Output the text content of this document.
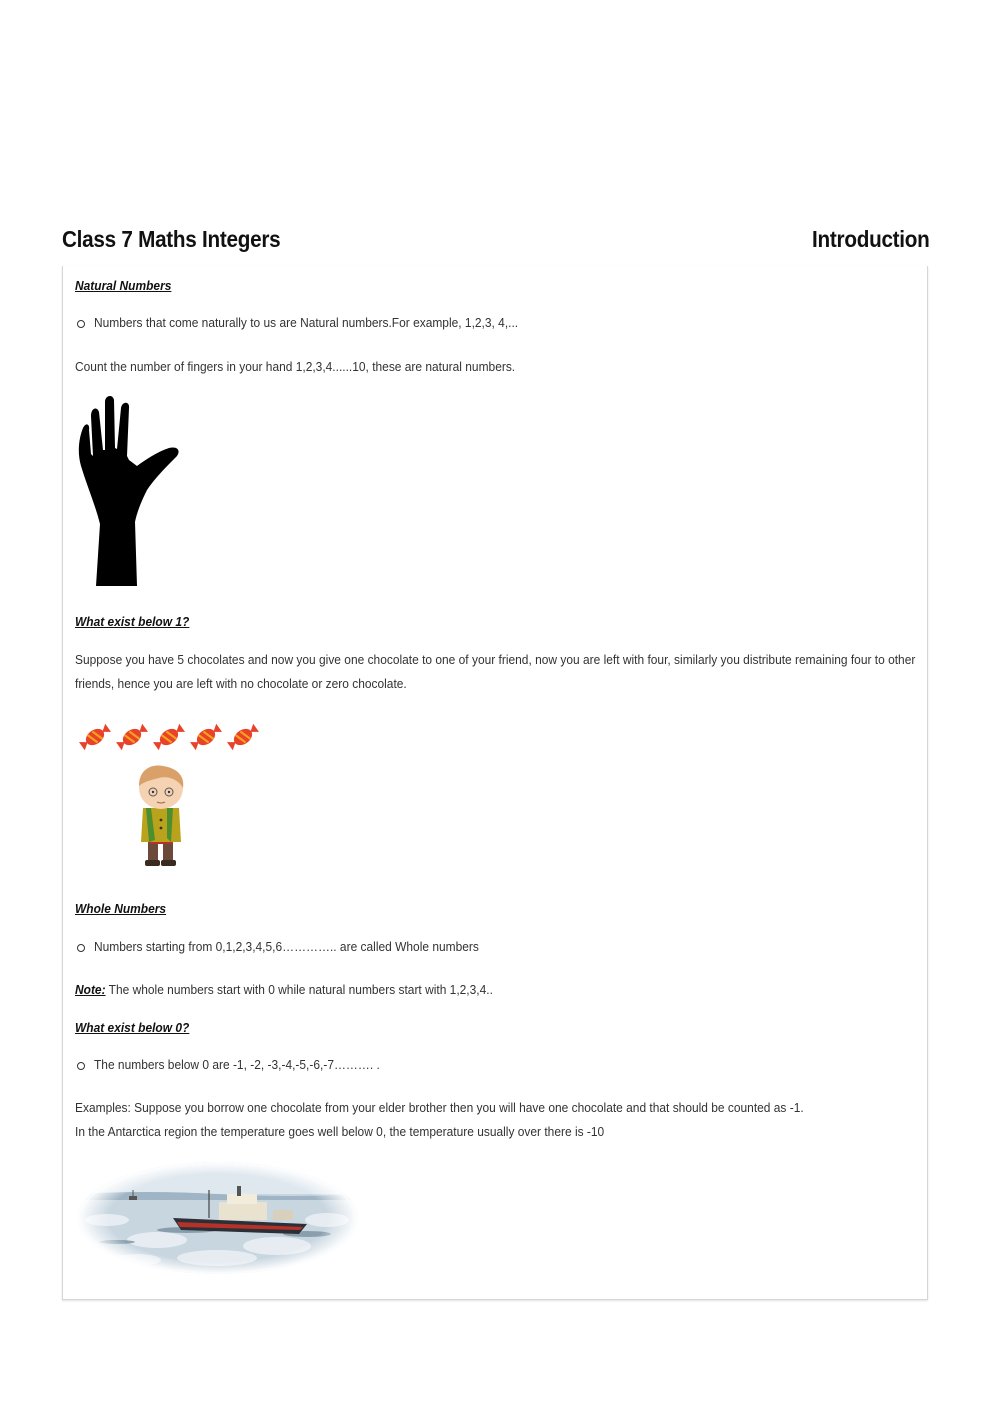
Class 7 Maths Integers	Introduction
Natural Numbers
Numbers that come naturally to us are Natural numbers.For example, 1,2,3, 4,...
Count the number of fingers in your hand 1,2,3,4......10, these are natural numbers.
What exist below 1?
Suppose you have 5 chocolates and now you give one chocolate to one of your friend, now you are left with four, similarly you distribute remaining four to other friends, hence you are left with no chocolate or zero chocolate.
Whole Numbers
Numbers starting from 0,1,2,3,4,5,6………….. are called Whole numbers
Note: The whole numbers start with 0 while natural numbers start with 1,2,3,4..
What exist below 0?
The numbers below 0 are -1, -2, -3,-4,-5,-6,-7………. .
Examples: Suppose you borrow one chocolate from your elder brother then you will have one chocolate and that should be counted as -1.
In the Antarctica region the temperature goes well below 0, the temperature usually over there is -10
